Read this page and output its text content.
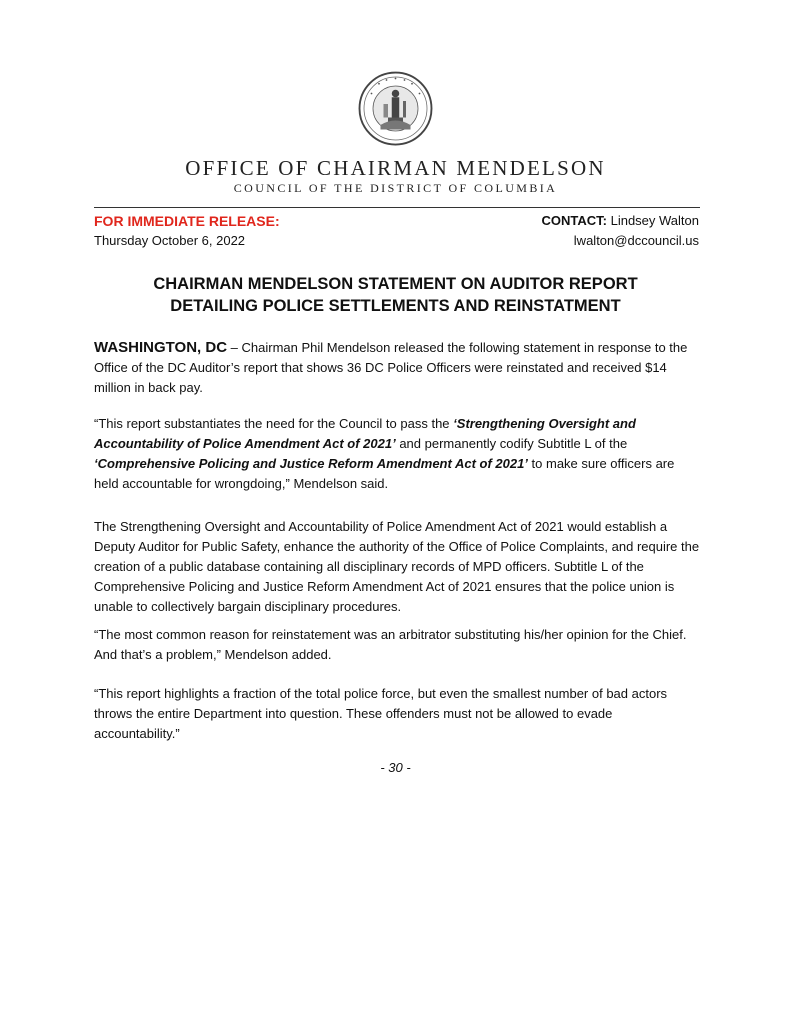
OFFICE OF CHAIRMAN MENDELSON
COUNCIL OF THE DISTRICT OF COLUMBIA
FOR IMMEDIATE RELEASE:
Thursday October 6, 2022
CONTACT: Lindsey Walton
lwalton@dccouncil.us
CHAIRMAN MENDELSON STATEMENT ON AUDITOR REPORT
DETAILING POLICE SETTLEMENTS AND REINSTATMENT
WASHINGTON, DC – Chairman Phil Mendelson released the following statement in response to the Office of the DC Auditor’s report that shows 36 DC Police Officers were reinstated and received $14 million in back pay.
“This report substantiates the need for the Council to pass the ‘Strengthening Oversight and Accountability of Police Amendment Act of 2021’ and permanently codify Subtitle L of the ‘Comprehensive Policing and Justice Reform Amendment Act of 2021’ to make sure officers are held accountable for wrongdoing,” Mendelson said.
The Strengthening Oversight and Accountability of Police Amendment Act of 2021 would establish a Deputy Auditor for Public Safety, enhance the authority of the Office of Police Complaints, and require the creation of a public database containing all disciplinary records of MPD officers. Subtitle L of the Comprehensive Policing and Justice Reform Amendment Act of 2021 ensures that the police union is unable to collectively bargain disciplinary procedures.
“The most common reason for reinstatement was an arbitrator substituting his/her opinion for the Chief. And that’s a problem,” Mendelson added.
“This report highlights a fraction of the total police force, but even the smallest number of bad actors throws the entire Department into question. These offenders must not be allowed to evade accountability.”
- 30 -
